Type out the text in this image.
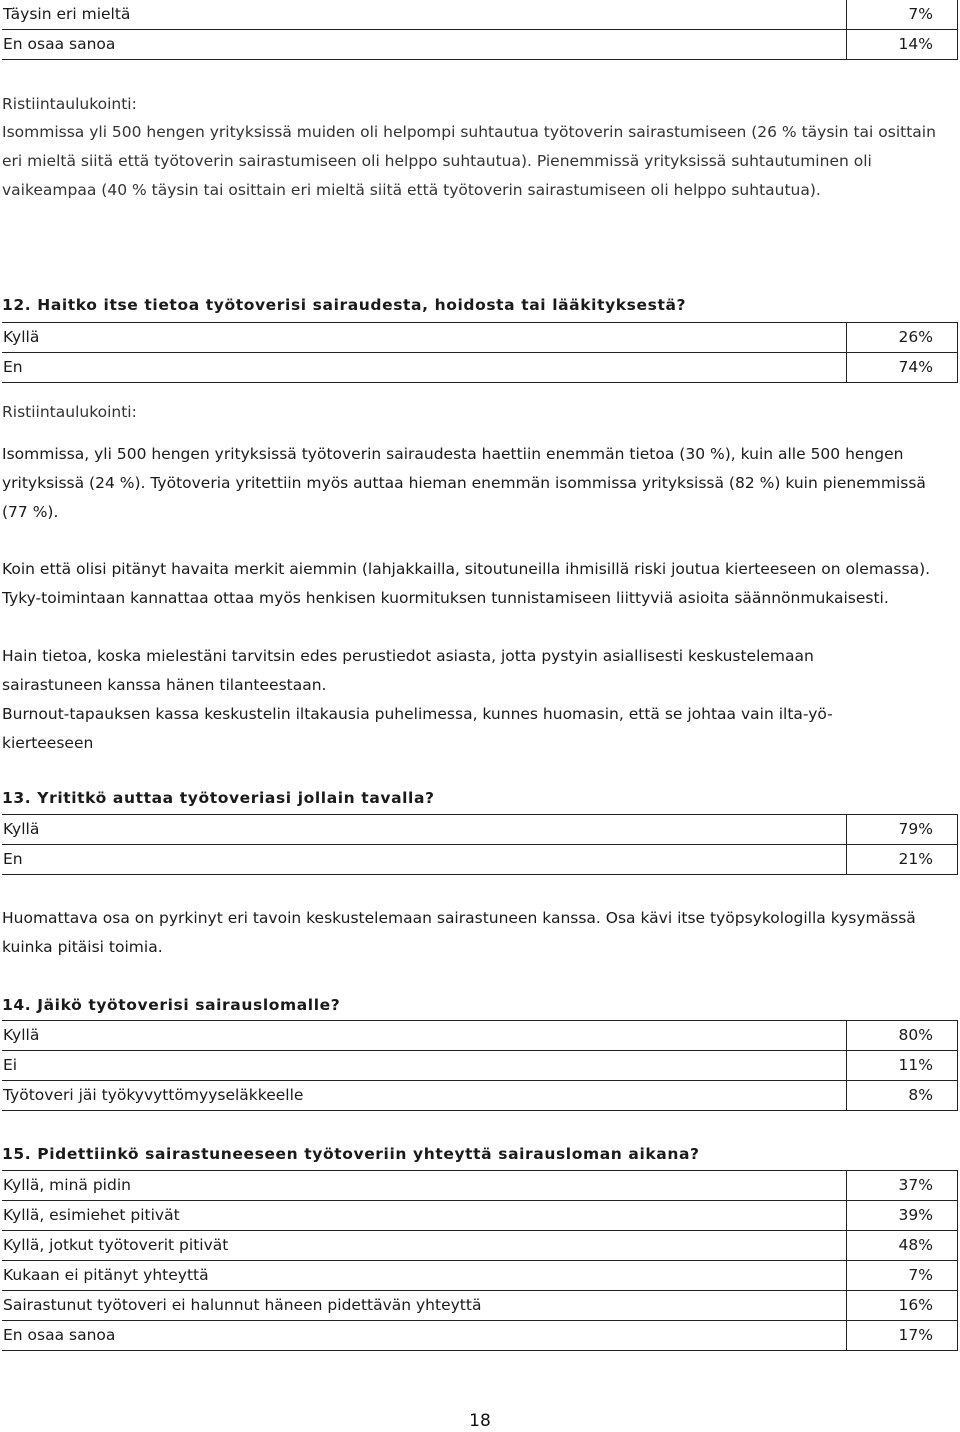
Täysin eri mieltä	7%
En osaa sanoa	14%

Ristiintaulukointi:

Isommissa yli 500 hengen yrityksissä muiden oli helpompi suhtautua työtoverin sairastumiseen (26 % täysin tai osittain eri mieltä siitä että työtoverin sairastumiseen oli helppo suhtautua). Pienemmissä yrityksissä suhtautuminen oli vaikeampaa (40 % täysin tai osittain eri mieltä siitä että työtoverin sairastumiseen oli helppo suhtautua).

12. Haitko itse tietoa työtoverisi sairaudesta, hoidosta tai lääkityksestä?

Kyllä	26%
En	74%

Ristiintaulukointi:

Isommissa, yli 500 hengen yrityksissä työtoverin sairaudesta haettiin enemmän tietoa (30 %), kuin alle 500 hengen yrityksissä (24 %). Työtoveria yritettiin myös auttaa hieman enemmän isommissa yrityksissä (82 %) kuin pienemmissä (77 %).

Koin että olisi pitänyt havaita merkit aiemmin (lahjakkailla, sitoutuneilla ihmisillä riski joutua kierteeseen on olemassa). Tyky-toimintaan kannattaa ottaa myös henkisen kuormituksen tunnistamiseen liittyviä asioita säännönmukaisesti.

Hain tietoa, koska mielestäni tarvitsin edes perustiedot asiasta, jotta pystyin asiallisesti keskustelemaan sairastuneen kanssa hänen tilanteestaan.

Burnout-tapauksen kassa keskustelin iltakausia puhelimessa, kunnes huomasin, että se johtaa vain ilta-yö-kierteeseen

13. Yrititkö auttaa työtoveriasi jollain tavalla?

Kyllä	79%
En	21%

Huomattava osa on pyrkinyt eri tavoin keskustelemaan sairastuneen kanssa. Osa kävi itse työpsykologilla kysymässä kuinka pitäisi toimia.

14. Jäikö työtoverisi sairauslomalle?

Kyllä	80%
Ei	11%
Työtoveri jäi työkyvyttömyyseläkkeelle	8%

15. Pidettiinkö sairastuneeseen työtoveriin yhteyttä sairausloman aikana?

Kyllä, minä pidin	37%
Kyllä, esimiehet pitivät	39%
Kyllä, jotkut työtoverit pitivät	48%
Kukaan ei pitänyt yhteyttä	7%
Sairastunut työtoveri ei halunnut häneen pidettävän yhteyttä	16%
En osaa sanoa	17%
18
